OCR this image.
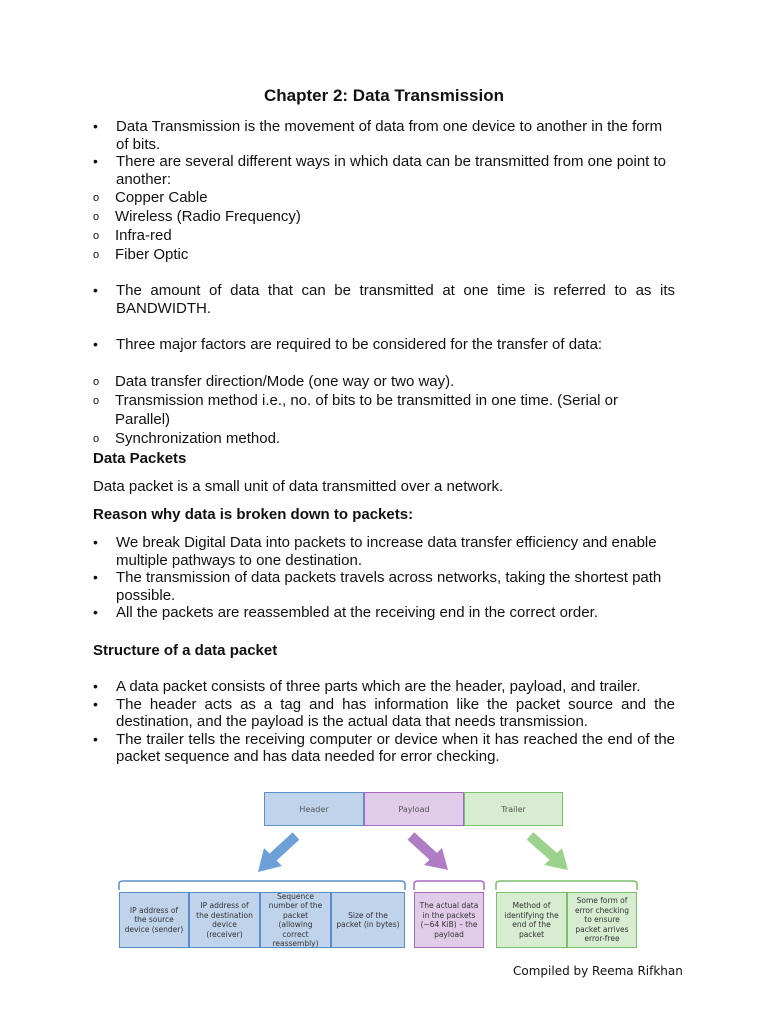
Chapter 2: Data Transmission
• Data Transmission is the movement of data from one device to another in the form of bits.
• There are several different ways in which data can be transmitted from one point to another:
o Copper Cable
o Wireless (Radio Frequency)
o Infra-red
o Fiber Optic
• The amount of data that can be transmitted at one time is referred to as its BANDWIDTH.
• Three major factors are required to be considered for the transfer of data:
o Data transfer direction/Mode (one way or two way).
o Transmission method i.e., no. of bits to be transmitted in one time. (Serial or Parallel)
o Synchronization method.
Data Packets
Data packet is a small unit of data transmitted over a network.
Reason why data is broken down to packets:
• We break Digital Data into packets to increase data transfer efficiency and enable multiple pathways to one destination.
• The transmission of data packets travels across networks, taking the shortest path possible.
• All the packets are reassembled at the receiving end in the correct order.
Structure of a data packet
• A data packet consists of three parts which are the header, payload, and trailer.
• The header acts as a tag and has information like the packet source and the destination, and the payload is the actual data that needs transmission.
• The trailer tells the receiving computer or device when it has reached the end of the packet sequence and has data needed for error checking.
Header	Payload	Trailer
IP address of the source device (sender)
IP address of the destination device (receiver)
Sequence number of the packet (allowing correct reassembly)
Size of the packet (in bytes)
The actual data in the packets (~64 KiB) – the payload
Method of identifying the end of the packet
Some form of error checking to ensure packet arrives error-free
Compiled by Reema Rifkhan
